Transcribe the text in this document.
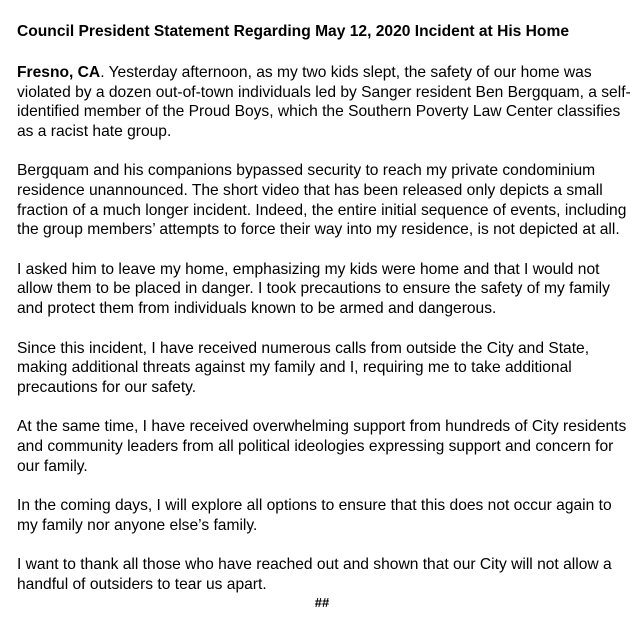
Council President Statement Regarding May 12, 2020 Incident at His Home

Fresno, CA. Yesterday afternoon, as my two kids slept, the safety of our home was violated by a dozen out-of-town individuals led by Sanger resident Ben Bergquam, a self-identified member of the Proud Boys, which the Southern Poverty Law Center classifies as a racist hate group.

Bergquam and his companions bypassed security to reach my private condominium residence unannounced. The short video that has been released only depicts a small fraction of a much longer incident. Indeed, the entire initial sequence of events, including the group members’ attempts to force their way into my residence, is not depicted at all.

I asked him to leave my home, emphasizing my kids were home and that I would not allow them to be placed in danger. I took precautions to ensure the safety of my family and protect them from individuals known to be armed and dangerous.

Since this incident, I have received numerous calls from outside the City and State, making additional threats against my family and I, requiring me to take additional precautions for our safety.

At the same time, I have received overwhelming support from hundreds of City residents and community leaders from all political ideologies expressing support and concern for our family.

In the coming days, I will explore all options to ensure that this does not occur again to my family nor anyone else’s family.

I want to thank all those who have reached out and shown that our City will not allow a handful of outsiders to tear us apart.

##
